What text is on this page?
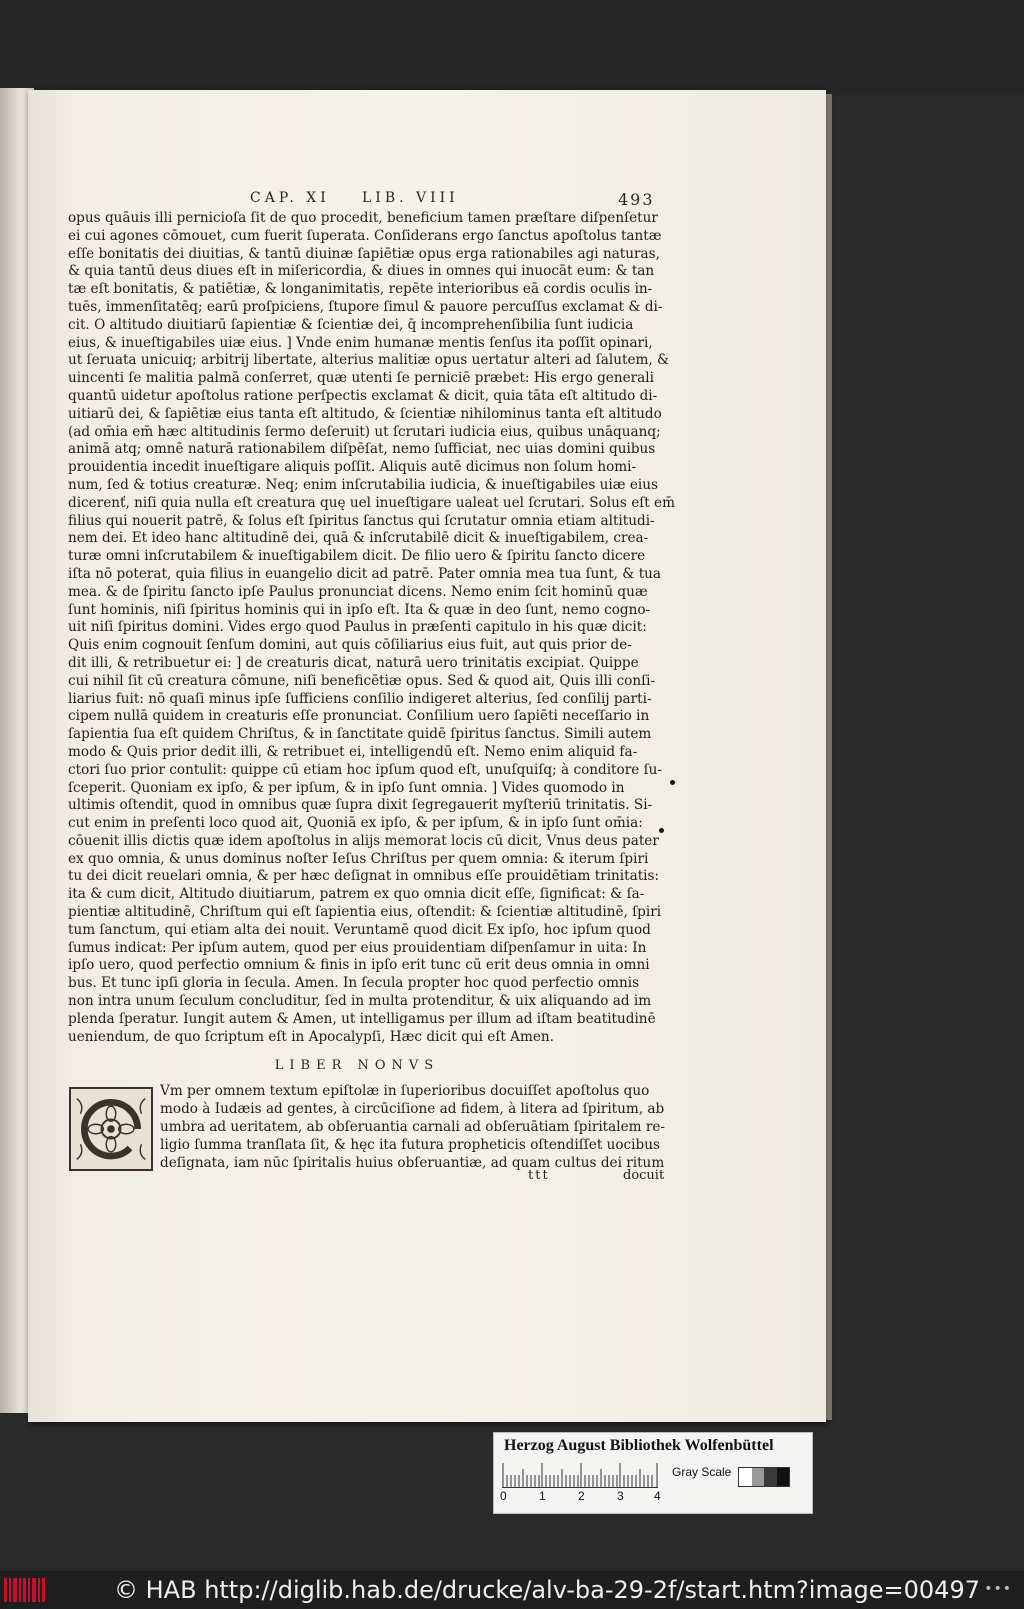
CAP. XI LIB. VIII	493

opus quāuis illi pernicioſa ſit de quo procedit, beneficium tamen præſtare diſpenſetur
ei cui agones cōmouet, cum fuerit ſuperata. Conſiderans ergo ſanctus apoſtolus tantæ
eſſe bonitatis dei diuitias, & tantū diuinæ ſapiētiæ opus erga rationabiles agi naturas,
& quia tantū deus diues eſt in miſericordia, & diues in omnes qui inuocāt eum: & tan
tæ eſt bonitatis, & patiētiæ, & longanimitatis, repēte interioribus eā cordis oculis in-
tuēs, immenſitatēq; earū proſpiciens, ſtupore ſimul & pauore percuſſus exclamat & di-
cit. O altitudo diuitiarū ſapientiæ & ſcientiæ dei, q̄ incomprehenſibilia ſunt iudicia
eius, & inueſtigabiles uiæ eius. ] Vnde enim humanæ mentis ſenſus ita poſſit opinari,
ut ſeruata unicuiq; arbitrij libertate, alterius malitiæ opus uertatur alteri ad ſalutem, &
uincenti ſe malitia palmā conſerret, quæ utenti ſe perniciē præbet: His ergo generali
quantū uidetur apoſtolus ratione perſpectis exclamat & dicit, quia tāta eſt altitudo di-
uitiarū dei, & ſapiētiæ eius tanta eſt altitudo, & ſcientiæ nihilominus tanta eſt altitudo
(ad om̄ia em̄ hæc altitudinis ſermo deſeruit) ut ſcrutari iudicia eius, quibus unāquanq;
animā atq; omnē naturā rationabilem diſpēſat, nemo ſufficiat, nec uias domini quibus
prouidentia incedit inueſtigare aliquis poſſit. Aliquis autē dicimus non ſolum homi-
num, ſed & totius creaturæ. Neq; enim inſcrutabilia iudicia, & inueſtigabiles uiæ eius
dicerenť, niſi quia nulla eſt creatura quę uel inueſtigare ualeat uel ſcrutari. Solus eſt em̄
filius qui nouerit patrē, & ſolus eſt ſpiritus ſanctus qui ſcrutatur omnia etiam altitudi-
nem dei. Et ideo hanc altitudinē dei, quā & inſcrutabilē dicit & inueſtigabilem, crea-
turæ omni inſcrutabilem & inueſtigabilem dicit. De filio uero & ſpiritu ſancto dicere
iſta nō poterat, quia filius in euangelio dicit ad patrē. Pater omnia mea tua ſunt, & tua
mea. & de ſpiritu ſancto ipſe Paulus pronunciat dicens. Nemo enim ſcit hominū quæ
ſunt hominis, niſi ſpiritus hominis qui in ipſo eſt. Ita & quæ in deo ſunt, nemo cogno-
uit niſi ſpiritus domini. Vides ergo quod Paulus in præſenti capitulo in his quæ dicit:

Quis enim cognouit ſenſum domini, aut quis cōſiliarius eius fuit, aut quis prior de-
dit illi, & retribuetur ei: ] de creaturis dicat, naturā uero trinitatis excipiat. Quippe
cui nihil ſit cū creatura cōmune, niſi beneficētiæ opus. Sed & quod ait, Quis illi conſi-
liarius fuit: nō quaſi minus ipſe ſufficiens conſilio indigeret alterius, ſed conſilij parti-
cipem nullā quidem in creaturis eſſe pronunciat. Conſilium uero ſapiēti neceſſario in
ſapientia ſua eſt quidem Chriſtus, & in ſanctitate quidē ſpiritus ſanctus. Simili autem
modo & Quis prior dedit illi, & retribuet ei, intelligendū eſt. Nemo enim aliquid fa-
ctori ſuo prior contulit: quippe cū etiam hoc ipſum quod eſt, unuſquiſq; à conditore ſu-
ſceperit. Quoniam ex ipſo, & per ipſum, & in ipſo ſunt omnia. ] Vides quomodo in
ultimis oſtendit, quod in omnibus quæ ſupra dixit ſegregauerit myſteriū trinitatis. Si-
cut enim in preſenti loco quod ait, Quoniā ex ipſo, & per ipſum, & in ipſo ſunt om̄ia:
cōuenit illis dictis quæ idem apoſtolus in alijs memorat locis cū dicit, Vnus deus pater
ex quo omnia, & unus dominus noſter Ieſus Chriſtus per quem omnia: & iterum ſpiri
tu dei dicit reuelari omnia, & per hæc deſignat in omnibus eſſe prouidētiam trinitatis:
ita & cum dicit, Altitudo diuitiarum, patrem ex quo omnia dicit eſſe, ſignificat: & ſa-
pientiæ altitudinē, Chriſtum qui eſt ſapientia eius, oſtendit: & ſcientiæ altitudinē, ſpiri
tum ſanctum, qui etiam alta dei nouit. Veruntamē quod dicit Ex ipſo, hoc ipſum quod
ſumus indicat: Per ipſum autem, quod per eius prouidentiam diſpenſamur in uita: In
ipſo uero, quod perfectio omnium & finis in ipſo erit tunc cū erit deus omnia in omni
bus. Et tunc ipſi gloria in ſecula. Amen. In ſecula propter hoc quod perfectio omnis
non intra unum ſeculum concluditur, ſed in multa protenditur, & uix aliquando ad im
plenda ſperatur. Iungit autem & Amen, ut intelligamus per illum ad iſtam beatitudinē
ueniendum, de quo ſcriptum eſt in Apocalypſi, Hæc dicit qui eſt Amen.

LIBER NONVS

Vm per omnem textum epiſtolæ in ſuperioribus docuiſſet apoſtolus quo
modo à Iudæis ad gentes, à circūciſione ad fidem, à litera ad ſpiritum, ab
umbra ad ueritatem, ab obſeruantia carnali ad obſeruātiam ſpiritalem re-
ligio ſumma tranſlata ſit, & hęc ita futura propheticis oſtendiſſet uocibus
deſignata, iam nūc ſpiritalis huius obſeruantiæ, ad quam cultus dei ritum

ttt	docuit
Herzog August Bibliothek Wolfenbüttel
0	1	2	3	4
Gray Scale
© HAB http://diglib.hab.de/drucke/alv-ba-29-2f/start.htm?image=00497 •••
